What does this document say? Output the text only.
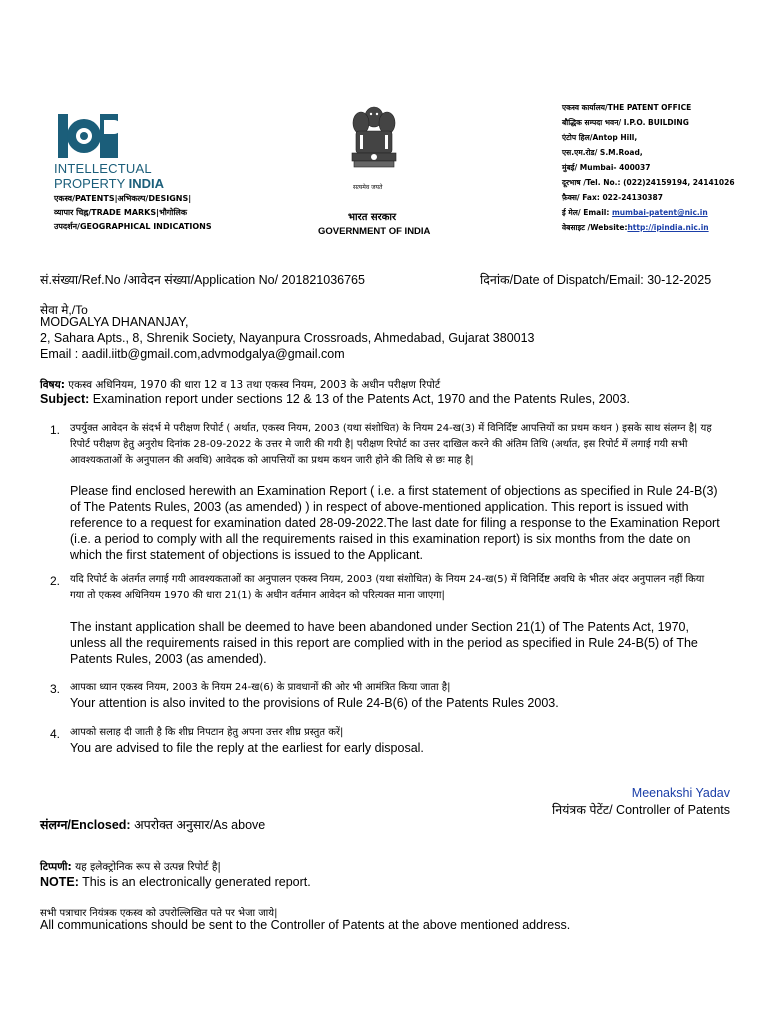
INTELLECTUAL
PROPERTY INDIA
एकस्व/PATENTS|अभिकल्प/DESIGNS|
व्यापार चिह्न/TRADE MARKS|भौगोलिक
उपदर्शन/GEOGRAPHICAL INDICATIONS
सत्यमेव जयते
भारत सरकार
GOVERNMENT OF INDIA
एकस्व कार्यालय/THE PATENT OFFICE
बौद्धिक सम्पदा भवन/ I.P.O. BUILDING
एंटोप हिल/Antop Hill,
एस.एम.रोड/ S.M.Road,
मुंबई/ Mumbai- 400037
दूरभाष /Tel. No.: (022)24159194, 24141026
फ़ैक्स/ Fax: 022-24130387
ई मेल/ Email: mumbai-patent@nic.in
वेबसाइट /Website:http://ipindia.nic.in
सं.संख्या/Ref.No /आवेदन संख्या/Application No/ 201821036765	दिनांक/Date of Dispatch/Email: 30-12-2025
सेवा मे,/To
MODGALYA DHANANJAY,
2, Sahara Apts., 8, Shrenik Society, Nayanpura Crossroads, Ahmedabad, Gujarat 380013
Email : aadil.iitb@gmail.com,advmodgalya@gmail.com
विषय: एकस्व अधिनियम, 1970 की धारा 12 व 13 तथा एकस्व नियम, 2003 के अधीन परीक्षण रिपोर्ट
Subject: Examination report under sections 12 & 13 of the Patents Act, 1970 and the Patents Rules, 2003.
1. उपर्युक्त आवेदन के संदर्भ मे परीक्षण रिपोर्ट ( अर्थात, एकस्व नियम, 2003 (यथा संशोधित) के नियम 24-ख(3) में विनिर्दिष्ट आपत्तियों का प्रथम कथन ) इसके साथ संलग्न है| यह रिपोर्ट परीक्षण हेतु अनुरोध दिनांक 28-09-2022 के उत्तर मे जारी की गयी है| परीक्षण रिपोर्ट का उत्तर दाखिल करने की अंतिम तिथि (अर्थात, इस रिपोर्ट में लगाई गयी सभी आवश्यकताओं के अनुपालन की अवधि) आवेदक को आपत्तियों का प्रथम कथन जारी होने की तिथि से छः माह है|
Please find enclosed herewith an Examination Report ( i.e. a first statement of objections as specified in Rule 24-B(3) of The Patents Rules, 2003 (as amended) ) in respect of above-mentioned application. This report is issued with reference to a request for examination dated 28-09-2022.The last date for filing a response to the Examination Report (i.e. a period to comply with all the requirements raised in this examination report) is six months from the date on which the first statement of objections is issued to the Applicant.
2. यदि रिपोर्ट के अंतर्गत लगाई गयी आवश्यकताओं का अनुपालन एकस्व नियम, 2003 (यथा संशोधित) के नियम 24-ख(5) में विनिर्दिष्ट अवधि के भीतर अंदर अनुपालन नहीं किया गया तो एकस्व अधिनियम 1970 की धारा 21(1) के अधीन वर्तमान आवेदन को परित्यक्त माना जाएगा|
The instant application shall be deemed to have been abandoned under Section 21(1) of The Patents Act, 1970, unless all the requirements raised in this report are complied with in the period as specified in Rule 24-B(5) of The Patents Rules, 2003 (as amended).
3. आपका ध्यान एकस्व नियम, 2003 के नियम 24-ख(6) के प्रावधानों की ओर भी आमंत्रित किया जाता है|
Your attention is also invited to the provisions of Rule 24-B(6) of the Patents Rules 2003.
4. आपको सलाह दी जाती है कि शीघ्र निपटान हेतु अपना उत्तर शीघ्र प्रस्तुत करें|
You are advised to file the reply at the earliest for early disposal.
Meenakshi Yadav
नियंत्रक पेटेंट/ Controller of Patents
संलग्न/Enclosed: अपरोक्त अनुसार/As above
टिप्पणी: यह इलेक्ट्रोनिक रूप से उत्पन्न रिपोर्ट है|
NOTE: This is an electronically generated report.
सभी पत्राचार नियंत्रक एकस्व को उपरोल्लिखित पते पर भेजा जाये|
All communications should be sent to the Controller of Patents at the above mentioned address.
